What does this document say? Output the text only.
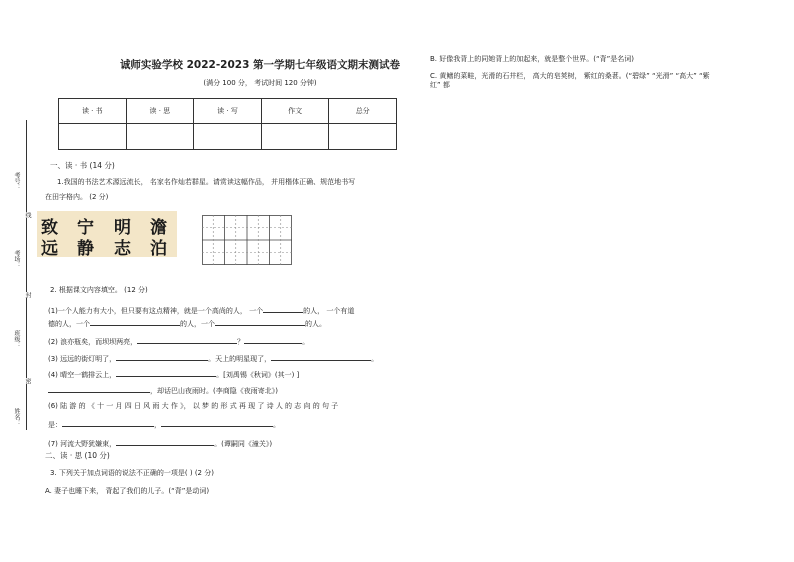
考号：
考场：
班级：
姓名：
线
封
密
诚师实验学校 2022-2023 第一学期七年级语文期末测试卷
(满分 100 分， 考试时间 120 分钟)
读 · 书	读 · 思	读 · 写	作文	总分

一、读 · 书 (14 分)
1.我国的书法艺术源远流长， 名家名作灿若群星。请赏读这幅作品， 并用楷体正确、规范地书写
在田字格内。 (2 分)
致 宁 明 澹
远 静 志 泊
2. 根据课文内容填空。 (12 分)
(1)一个人能力有大小，但只要有这点精神，就是一个高尚的人， 一个	的人， 一个有道
德的人，一个	的人，一个	的人。
(2) 浪亦瓶矣，而坝坝两亮，	？	。
(3) 远远的街灯明了，	。天上的明星现了，	。
(4) 晴空一鹤排云上，	。[刘禹锡《秋词》(其一) ]
，却话巴山夜雨时。(李商隐《夜雨寄北》)
(6) 陆 游 的 《 十 一 月 四 日 风 雨 大 作 》， 以 梦 的 形 式 再 现 了 诗 人 的 志 向 的 句 子
是：	，	。
(7) 河流大野犹嫌束，	。(谭嗣同《潼关》)
二、读 · 思 (10 分)
3. 下列关于加点词语的说法不正确的一项是( ) (2 分)
A. 妻子也睡下来， 背起了我们的儿子。(“背”是动词)
B. 好像我背上的同她背上的加起来，就是整个世界。(“背”是名词)
C. 黄鳝的菜畦，光滑的石井栏， 高大的皂荚树， 紫红的桑葚。(“碧绿” “光滑” “高大” “紫
红” 都
